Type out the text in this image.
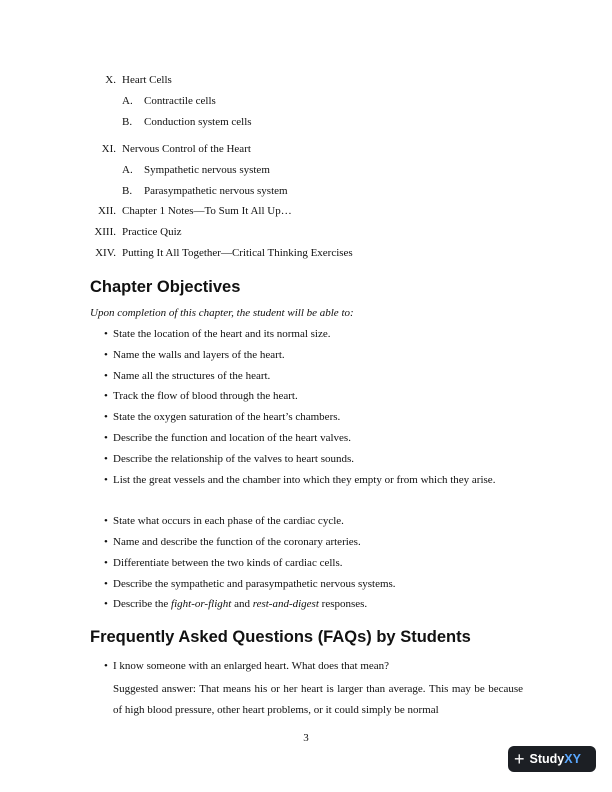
X. Heart Cells
A. Contractile cells
B. Conduction system cells
XI. Nervous Control of the Heart
A. Sympathetic nervous system
B. Parasympathetic nervous system
XII. Chapter 1 Notes—To Sum It All Up…
XIII. Practice Quiz
XIV. Putting It All Together—Critical Thinking Exercises
Chapter Objectives
Upon completion of this chapter, the student will be able to:
• State the location of the heart and its normal size.
• Name the walls and layers of the heart.
• Name all the structures of the heart.
• Track the flow of blood through the heart.
• State the oxygen saturation of the heart’s chambers.
• Describe the function and location of the heart valves.
• Describe the relationship of the valves to heart sounds.
• List the great vessels and the chamber into which they empty or from which they arise.
• State what occurs in each phase of the cardiac cycle.
• Name and describe the function of the coronary arteries.
• Differentiate between the two kinds of cardiac cells.
• Describe the sympathetic and parasympathetic nervous systems.
• Describe the fight-or-flight and rest-and-digest responses.
Frequently Asked Questions (FAQs) by Students
• I know someone with an enlarged heart. What does that mean?
Suggested answer: That means his or her heart is larger than average. This may be because of high blood pressure, other heart problems, or it could simply be normal
3
+ Study XY
